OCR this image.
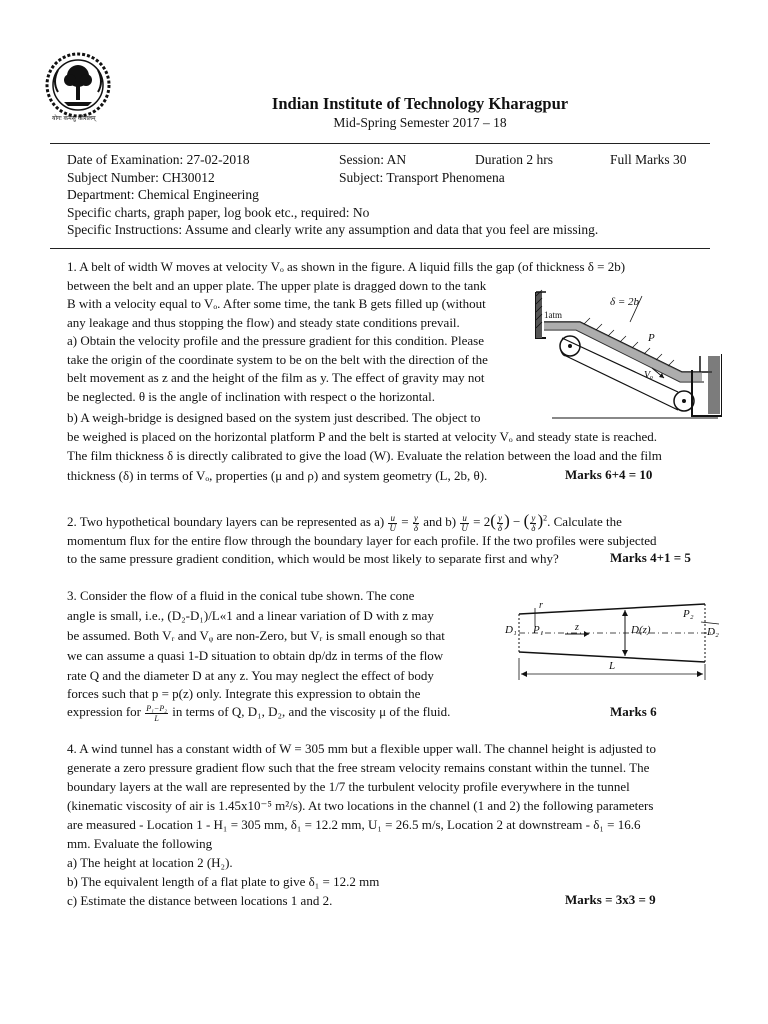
योगः कर्मसु कौशलम्
Indian Institute of Technology Kharagpur
Mid-Spring Semester 2017 – 18
Date of Examination: 27-02-2018	Session: AN	Duration 2 hrs	Full Marks 30
Subject Number: CH30012	Subject: Transport Phenomena
Department: Chemical Engineering
Specific charts, graph paper, log book etc., required: No
Specific Instructions: Assume and clearly write any assumption and data that you feel are missing.
1. A belt of width W moves at velocity Vₒ as shown in the figure. A liquid fills the gap (of thickness δ = 2b)
between the belt and an upper plate. The upper plate is dragged down to the tank
B with a velocity equal to Vₒ. After some time, the tank B gets filled up (without
any leakage and thus stopping the flow) and steady state conditions prevail.
a) Obtain the velocity profile and the pressure gradient for this condition. Please
take the origin of the coordinate system to be on the belt with the direction of the
belt movement as z and the height of the film as y. The effect of gravity may not
be neglected. θ is the angle of inclination with respect o the horizontal.
b) A weigh-bridge is designed based on the system just described. The object to
be weighed is placed on the horizontal platform P and the belt is started at velocity Vₒ and steady state is reached.
The film thickness δ is directly calibrated to give the load (W). Evaluate the relation between the load and the film
thickness (δ) in terms of Vₒ, properties (μ and ρ) and system geometry (L, 2b, θ).	Marks 6+4 = 10
δ = 2b
1atm
P
Vₒ
2. Two hypothetical boundary layers can be represented as $a) \frac{u}{U} = \frac{y}{\delta}$ and $b) \frac{u}{U} = 2( \frac{y}{\delta}$ ) − ( $\frac{y}{\delta} )^2$. Calculate the
momentum flux for the entire flow through the boundary layer for each profile. If the two profiles were subjected
to the same pressure gradient condition, which would be most likely to separate first and why?	Marks 4+1 = 5
3. Consider the flow of a fluid in the conical tube shown. The cone
angle is small, i.e., (D₂-D₁)/L«1 and a linear variation of D with z may
be assumed. Both Vᵣ and Vᵩ are non-Zero, but Vᵣ is small enough so that
we can assume a quasi 1-D situation to obtain dp/dz in terms of the flow
rate Q and the diameter D at any z. You may neglect the effect of body
forces such that p = p(z) only. Integrate this expression to obtain the
expression for $\frac{\text{P₁−P₂}}{L}$ in terms of Q, D₁, D₂, and the viscosity μ of the fluid.	Marks 6
D₁ P₁
r
z	D(z)
P₂
D₂
L
4. A wind tunnel has a constant width of W = 305 mm but a flexible upper wall. The channel height is adjusted to
generate a zero pressure gradient flow such that the free stream velocity remains constant within the tunnel. The
boundary layers at the wall are represented by the 1/7 the turbulent velocity profile everywhere in the tunnel
(kinematic viscosity of air is 1.45x10⁻⁵ m²/s). At two locations in the channel (1 and 2) the following parameters
are measured - Location 1 - H₁ = 305 mm, δ₁ = 12.2 mm, U₁ = 26.5 m/s, Location 2 at downstream - δ₁ = 16.6
mm. Evaluate the following
a) The height at location 2 (H₂).
b) The equivalent length of a flat plate to give δ₁ = 12.2 mm
c) Estimate the distance between locations 1 and 2.	Marks = 3x3 = 9
